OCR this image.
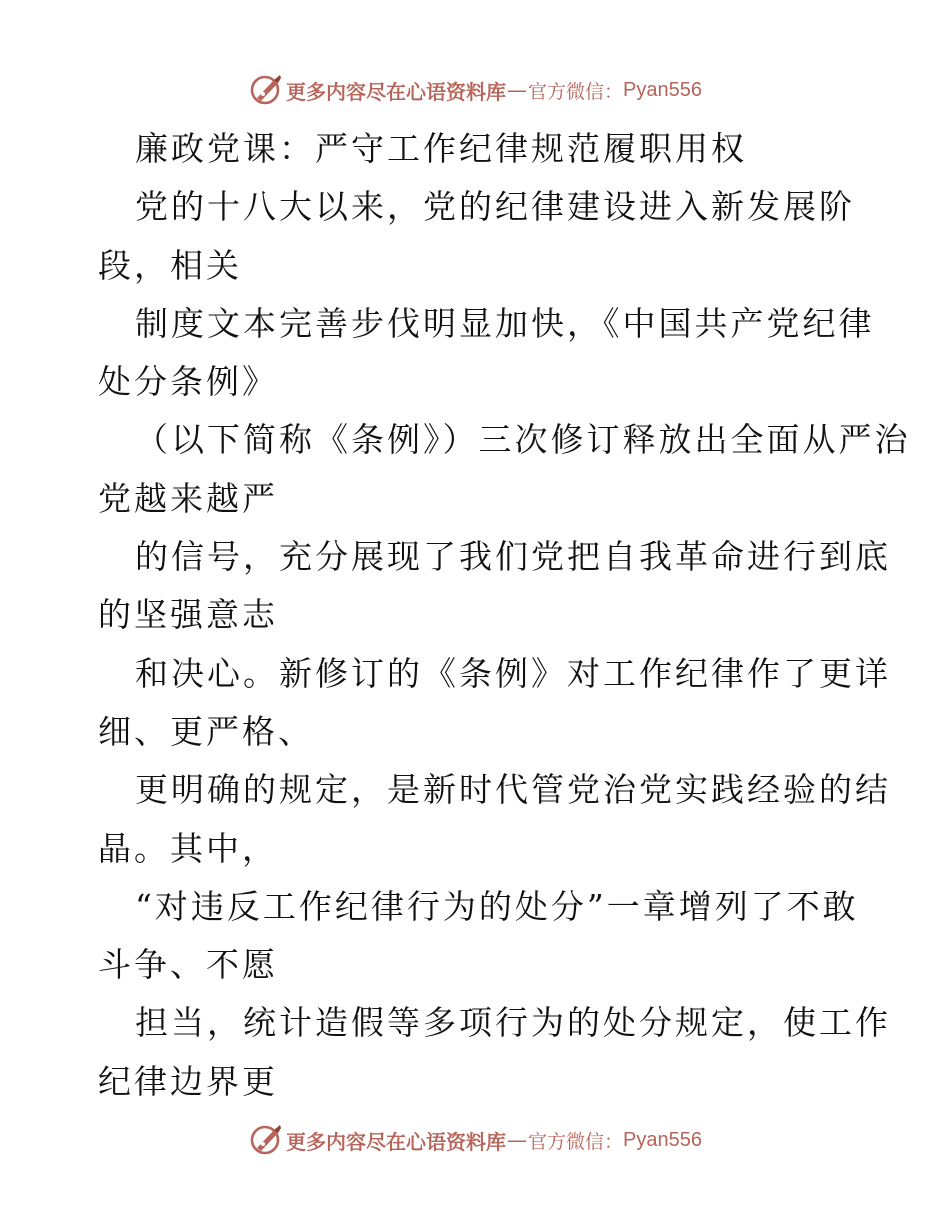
更多内容尽在心语资料库 — 官方微信： Pyan556
廉政党课：严守工作纪律规范履职用权
党的十八大以来，党的纪律建设进入新发展阶
段，相关
制度文本完善步伐明显加快，《中国共产党纪律
处分条例》
（以下简称《条例》）三次修订释放出全面从严治
党越来越严
的信号，充分展现了我们党把自我革命进行到底
的坚强意志
和决心。新修订的《条例》对工作纪律作了更详
细、更严格、
更明确的规定，是新时代管党治党实践经验的结
晶。其中，
“对违反工作纪律行为的处分”一章增列了不敢
斗争、不愿
担当，统计造假等多项行为的处分规定，使工作
纪律边界更
更多内容尽在心语资料库 — 官方微信： Pyan556
